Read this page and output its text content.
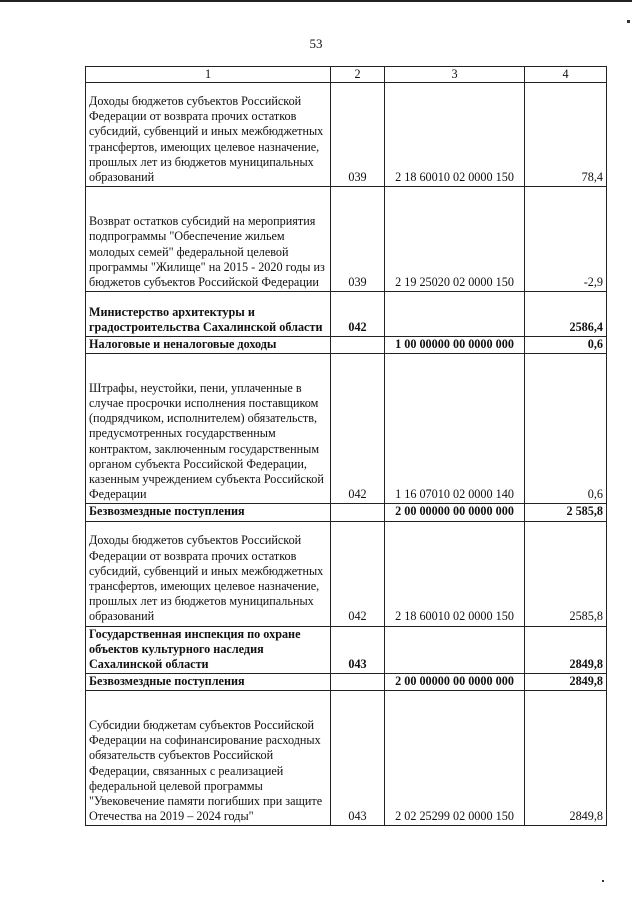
53
1	2	3	4
Доходы бюджетов субъектов Российской Федерации от возврата прочих остатков субсидий, субвенций и иных межбюджетных трансфертов, имеющих целевое назначение, прошлых лет из бюджетов муниципальных образований	039	2 18 60010 02 0000 150	78,4
Возврат остатков субсидий на мероприятия подпрограммы "Обеспечение жильем молодых семей" федеральной целевой программы "Жилище" на 2015 - 2020 годы из бюджетов субъектов Российской Федерации	039	2 19 25020 02 0000 150	-2,9
Министерство архитектуры и градостроительства Сахалинской области	042		2586,4
Налоговые и неналоговые доходы		1 00 00000 00 0000 000	0,6
Штрафы, неустойки, пени, уплаченные в случае просрочки исполнения поставщиком (подрядчиком, исполнителем) обязательств, предусмотренных государственным контрактом, заключенным государственным органом субъекта Российской Федерации, казенным учреждением субъекта Российской Федерации	042	1 16 07010 02 0000 140	0,6
Безвозмездные поступления		2 00 00000 00 0000 000	2 585,8
Доходы бюджетов субъектов Российской Федерации от возврата прочих остатков субсидий, субвенций и иных межбюджетных трансфертов, имеющих целевое назначение, прошлых лет из бюджетов муниципальных образований	042	2 18 60010 02 0000 150	2585,8
Государственная инспекция по охране объектов культурного наследия Сахалинской области	043		2849,8
Безвозмездные поступления		2 00 00000 00 0000 000	2849,8
Субсидии бюджетам субъектов Российской Федерации на софинансирование расходных обязательств субъектов Российской Федерации, связанных с реализацией федеральной целевой программы "Увековечение памяти погибших при защите Отечества на 2019 – 2024 годы"	043	2 02 25299 02 0000 150	2849,8
